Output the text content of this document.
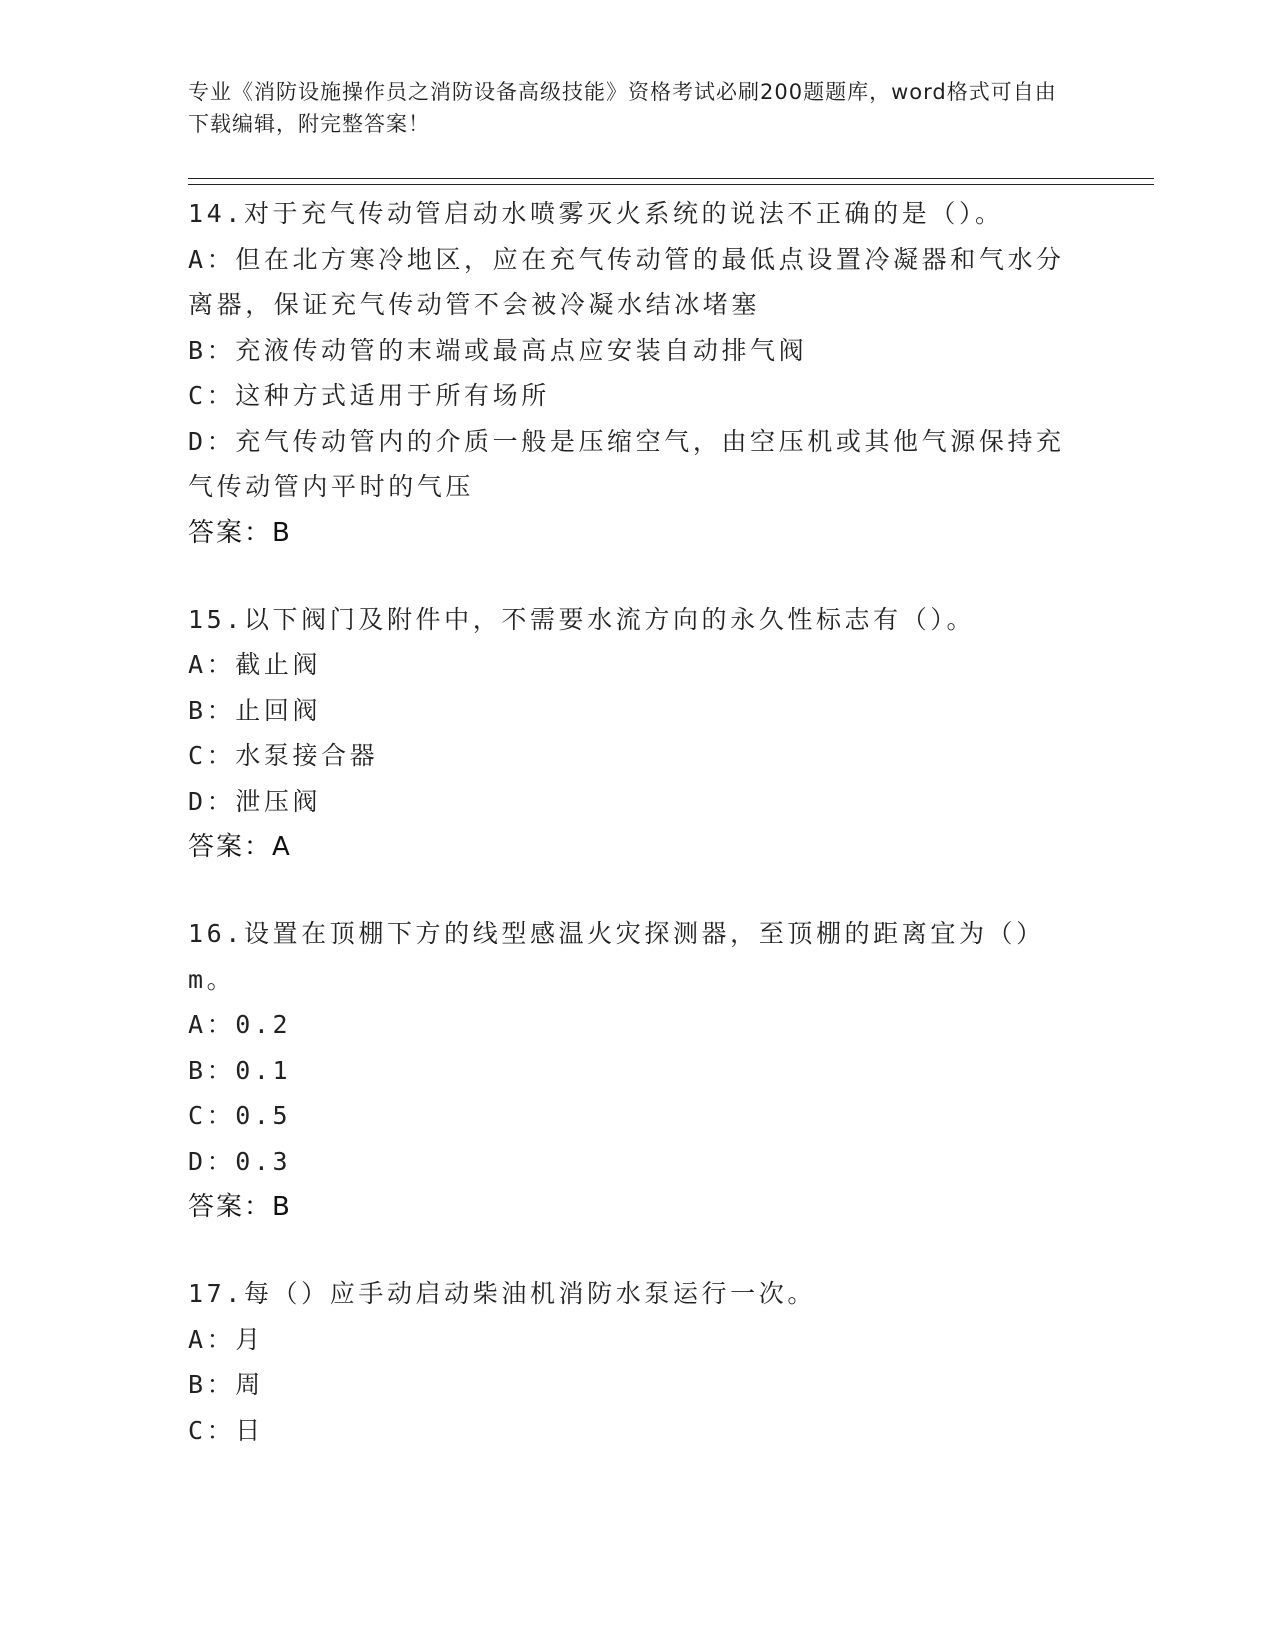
专业《消防设施操作员之消防设备高级技能》资格考试必刷200题题库，word格式可自由下载编辑，附完整答案！
14.对于充气传动管启动水喷雾灭火系统的说法不正确的是（）。
A：但在北方寒冷地区，应在充气传动管的最低点设置冷凝器和气水分离器，保证充气传动管不会被冷凝水结冰堵塞
B：充液传动管的末端或最高点应安装自动排气阀
C：这种方式适用于所有场所
D：充气传动管内的介质一般是压缩空气，由空压机或其他气源保持充气传动管内平时的气压
答案：B
15.以下阀门及附件中，不需要水流方向的永久性标志有（）。
A：截止阀
B：止回阀
C：水泵接合器
D：泄压阀
答案：A
16.设置在顶棚下方的线型感温火灾探测器，至顶棚的距离宜为（）m。
A：0.2
B：0.1
C：0.5
D：0.3
答案：B
17.每（）应手动启动柴油机消防水泵运行一次。
A：月
B：周
C：日
